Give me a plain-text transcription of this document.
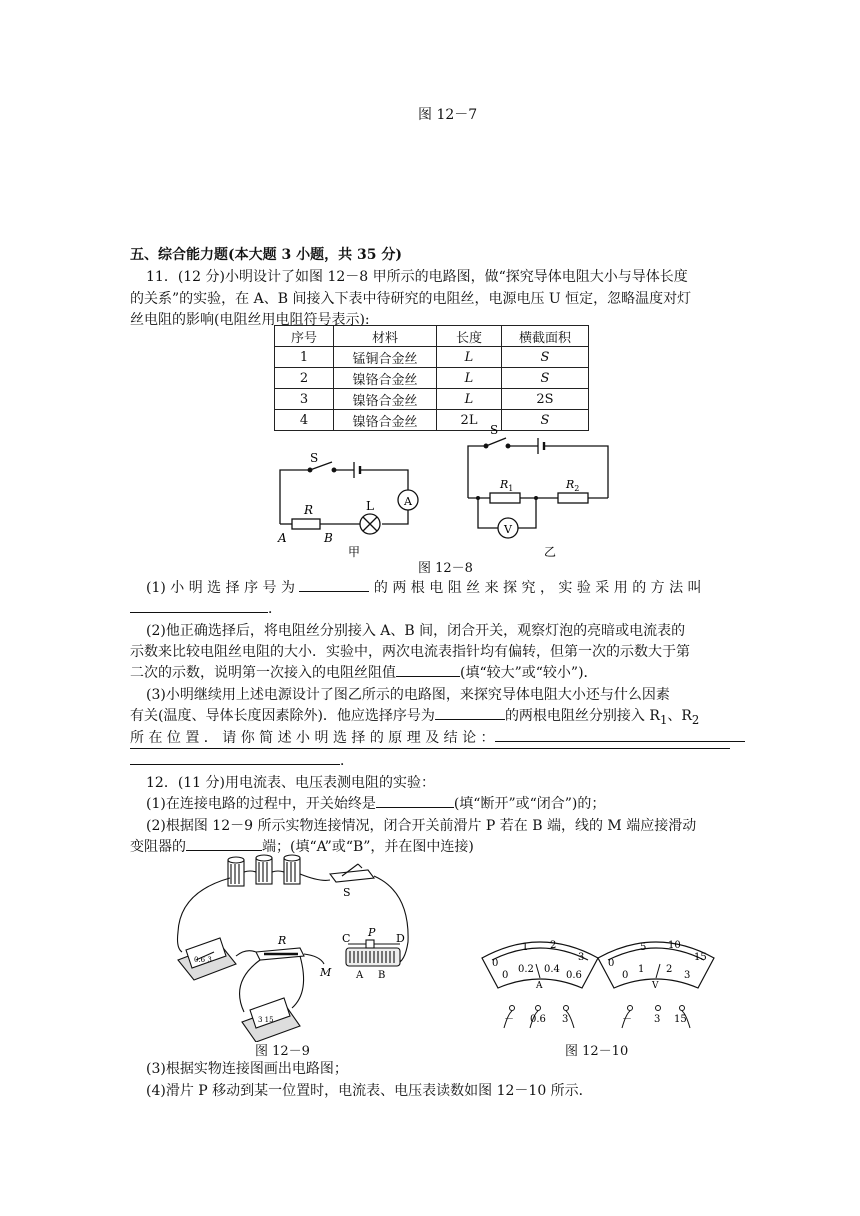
图 12－7
五、综合能力题(本大题 3 小题，共 35 分)
11．(12 分)小明设计了如图 12－8 甲所示的电路图，做“探究导体电阻大小与导体长度
的关系”的实验，在 A、B 间接入下表中待研究的电阻丝，电源电压 U 恒定，忽略温度对灯
丝电阻的影响(电阻丝用电阻符号表示):
序号	材料	长度	横截面积
1	锰铜合金丝	L	S
2	镍铬合金丝	L	S
3	镍铬合金丝	L	2S
4	镍铬合金丝	2L	S
S
R	L	A
A	B
甲
S
$R_1$	$R_2$
V
乙
图 12－8
(1) 小 明 选 择 序 号 为	的 两 根 电 阻 丝 来 探 究 ， 实 验 采 用 的 方 法 叫
．
(2)他正确选择后，将电阻丝分别接入 A、B 间，闭合开关，观察灯泡的亮暗或电流表的
示数来比较电阻丝电阻的大小．实验中，两次电流表指针均有偏转，但第一次的示数大于第
二次的示数，说明第一次接入的电阻丝阻值	(填“较大”或“较小”)．
(3)小明继续用上述电源设计了图乙所示的电路图，来探究导体电阻大小还与什么因素
有关(温度、导体长度因素除外)．他应选择序号为	的两根电阻丝分别接入 $R_1$、$R_2$
所 在 位 置 ． 请 你 简 述 小 明 选 择 的 原 理 及 结 论 ：
．
12．(11 分)用电流表、电压表测电阻的实验：
(1)在连接电路的过程中，开关始终是	(填“断开”或“闭合”)的；
(2)根据图 12－9 所示实物连接情况，闭合开关前滑片 P 若在 B 端，线的 M 端应接滑动
变阻器的	端；(填“A”或“B”，并在图中连接)
S
R	C P D
M A B
0.6 3
3 15
图 12－9
0
1 2
3
0
0.2 0.4
0.6
A
－ 0.6 3
0
5 10
15
0
1 2
3
V
－ 3 15
图 12－10
(3)根据实物连接图画出电路图；
(4)滑片 P 移动到某一位置时，电流表、电压表读数如图 12－10 所示．
